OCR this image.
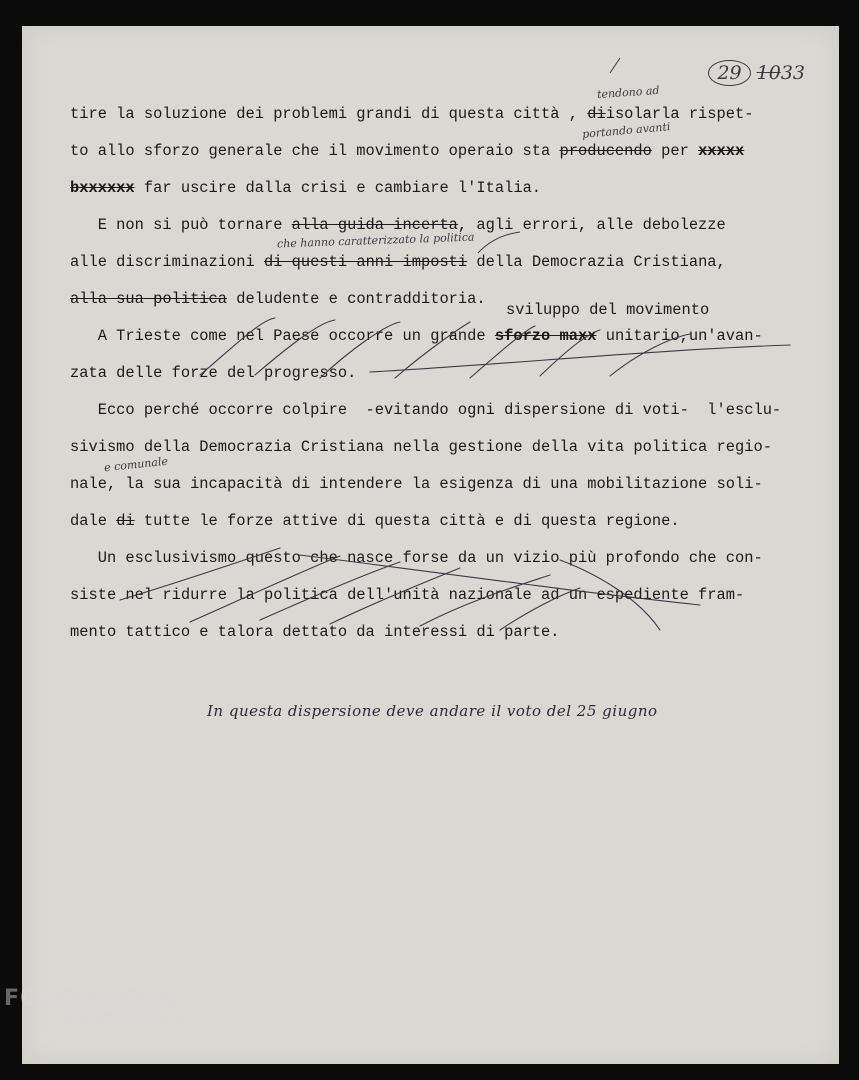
29 1033
tendono ad
portando avanti
che hanno caratterizzato la politica
sviluppo del movimento
e comunale

tire la soluzione dei problemi grandi di questa città , diisolarla rispet-

to allo sforzo generale che il movimento operaio sta producendo per xxxxx

bxxxxxx far uscire dalla crisi e cambiare l'Italia.

E non si può tornare alla guida incerta, agli errori, alle debolezze

alle discriminazioni di questi anni imposti della Democrazia Cristiana,

alla sua politica deludente e contradditoria.

A Trieste come nel Paese occorre un grande sforzo maxx unitario,un'avan-

zata delle forze del progresso.

Ecco perché occorre colpire  -evitando ogni dispersione di voti-  l'esclu-

sivismo della Democrazia Cristiana nella gestione della vita politica regio-

nale, la sua incapacità di intendere la esigenza di una mobilitazione soli-

dale di tutte le forze attive di questa città e di questa regione.

Un esclusivismo questo che nasce forse da un vizio più profondo che con-

siste nel ridurre la politica dell'unità nazionale ad un espediente fram-

mento tattico e talora dettato da interessi di parte.

In questa dispersione deve andare il voto del 25 giugno
FONDAZIONE
GRAMSCI
onlus
